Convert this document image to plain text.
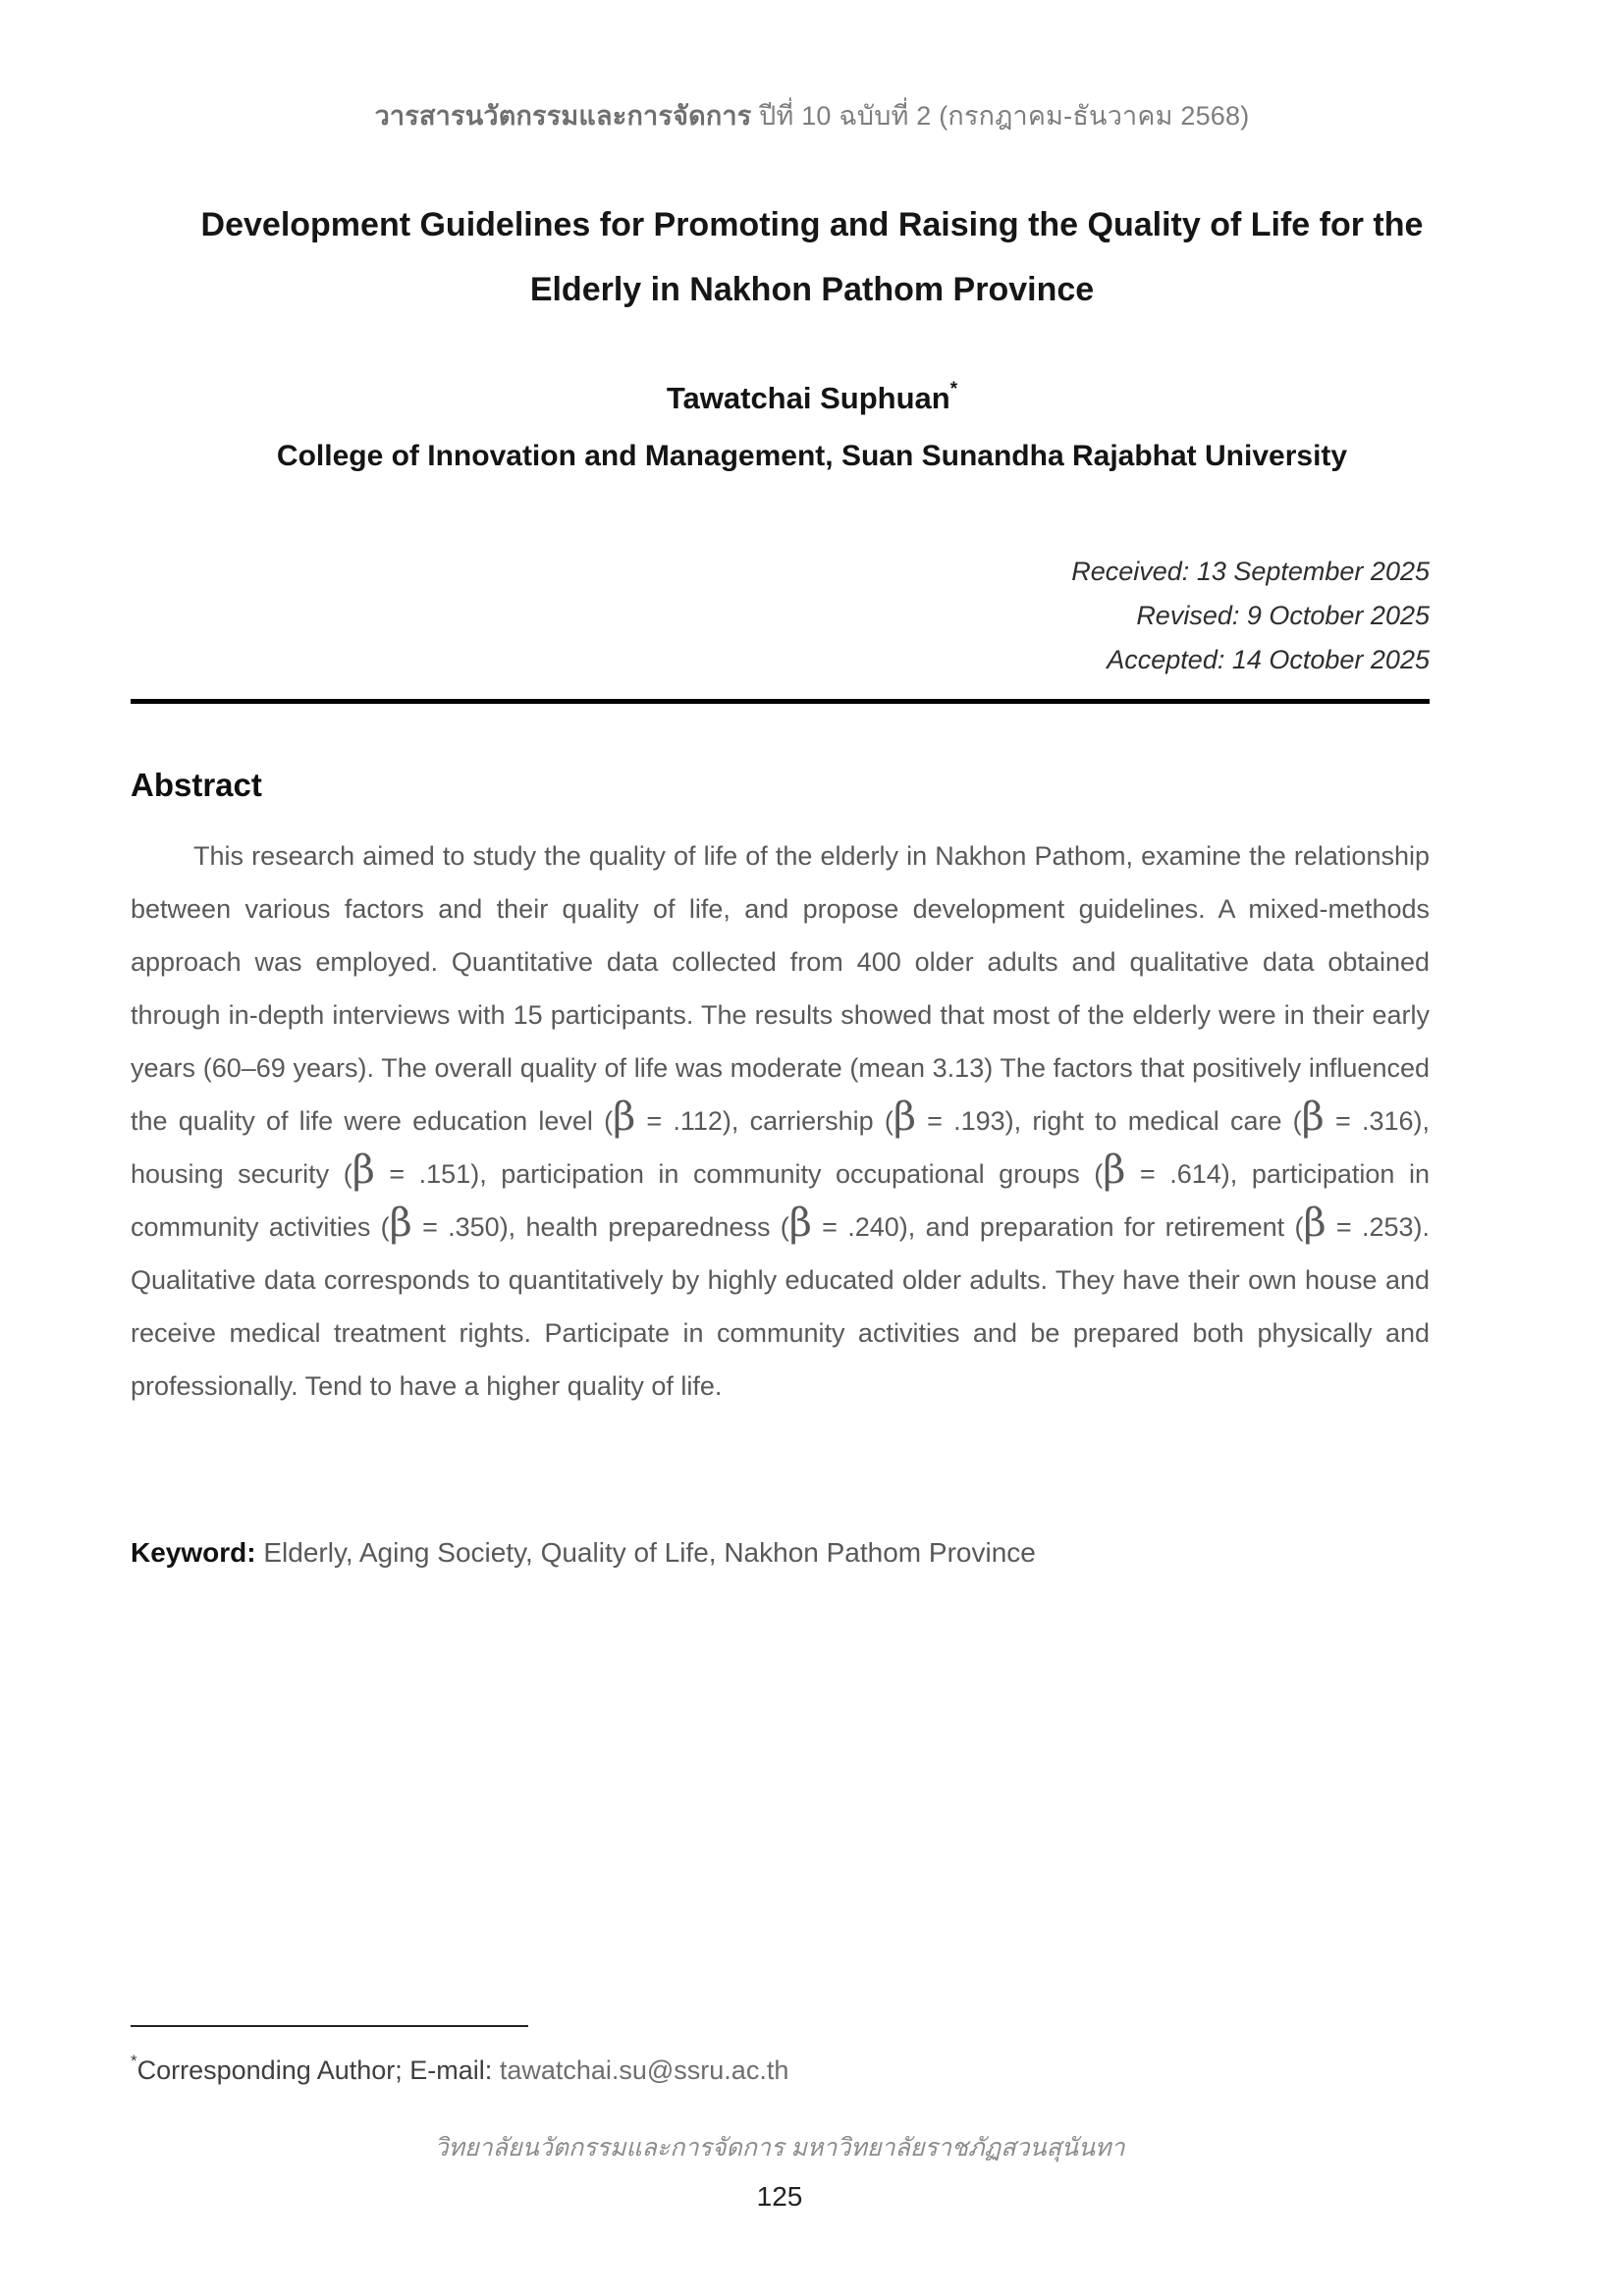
วารสารนวัตกรรมและการจัดการ ปีที่ 10 ฉบับที่ 2 (กรกฎาคม-ธันวาคม 2568)
Development Guidelines for Promoting and Raising the Quality of Life for the
Elderly in Nakhon Pathom Province
Tawatchai Suphuan*
College of Innovation and Management, Suan Sunandha Rajabhat University
Received: 13 September 2025
Revised: 9 October 2025
Accepted: 14 October 2025
Abstract
This research aimed to study the quality of life of the elderly in Nakhon Pathom, examine the relationship between various factors and their quality of life, and propose development guidelines. A mixed-methods approach was employed. Quantitative data collected from 400 older adults and qualitative data obtained through in-depth interviews with 15 participants. The results showed that most of the elderly were in their early years (60–69 years). The overall quality of life was moderate (mean 3.13) The factors that positively influenced the quality of life were education level (β = .112), carriership (β = .193), right to medical care (β = .316), housing security (β = .151), participation in community occupational groups (β = .614), participation in community activities (β = .350), health preparedness (β = .240), and preparation for retirement (β = .253). Qualitative data corresponds to quantitatively by highly educated older adults. They have their own house and receive medical treatment rights. Participate in community activities and be prepared both physically and professionally. Tend to have a higher quality of life.
Keyword: Elderly, Aging Society, Quality of Life, Nakhon Pathom Province
*Corresponding Author; E-mail: tawatchai.su@ssru.ac.th
วิทยาลัยนวัตกรรมและการจัดการ มหาวิทยาลัยราชภัฏสวนสุนันทา
125
